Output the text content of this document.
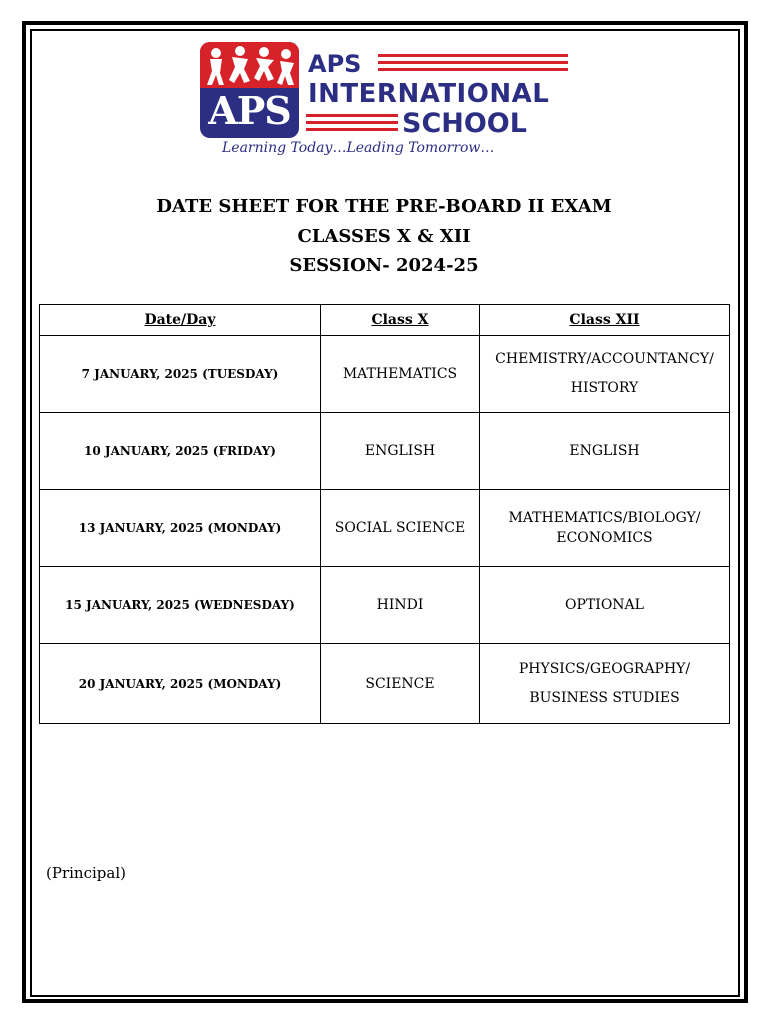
APS
APS
INTERNATIONAL
SCHOOL
Learning Today…Leading Tomorrow…
DATE SHEET FOR THE PRE-BOARD II EXAM
CLASSES X & XII
SESSION- 2024-25
Date/Day	Class X	Class XII
7 JANUARY, 2025 (TUESDAY)	MATHEMATICS	CHEMISTRY/ACCOUNTANCY/ HISTORY
10 JANUARY, 2025 (FRIDAY)	ENGLISH	ENGLISH
13 JANUARY, 2025 (MONDAY)	SOCIAL SCIENCE	MATHEMATICS/BIOLOGY/ ECONOMICS
15 JANUARY, 2025 (WEDNESDAY)	HINDI	OPTIONAL
20 JANUARY, 2025 (MONDAY)	SCIENCE	PHYSICS/GEOGRAPHY/ BUSINESS STUDIES
(Principal)
